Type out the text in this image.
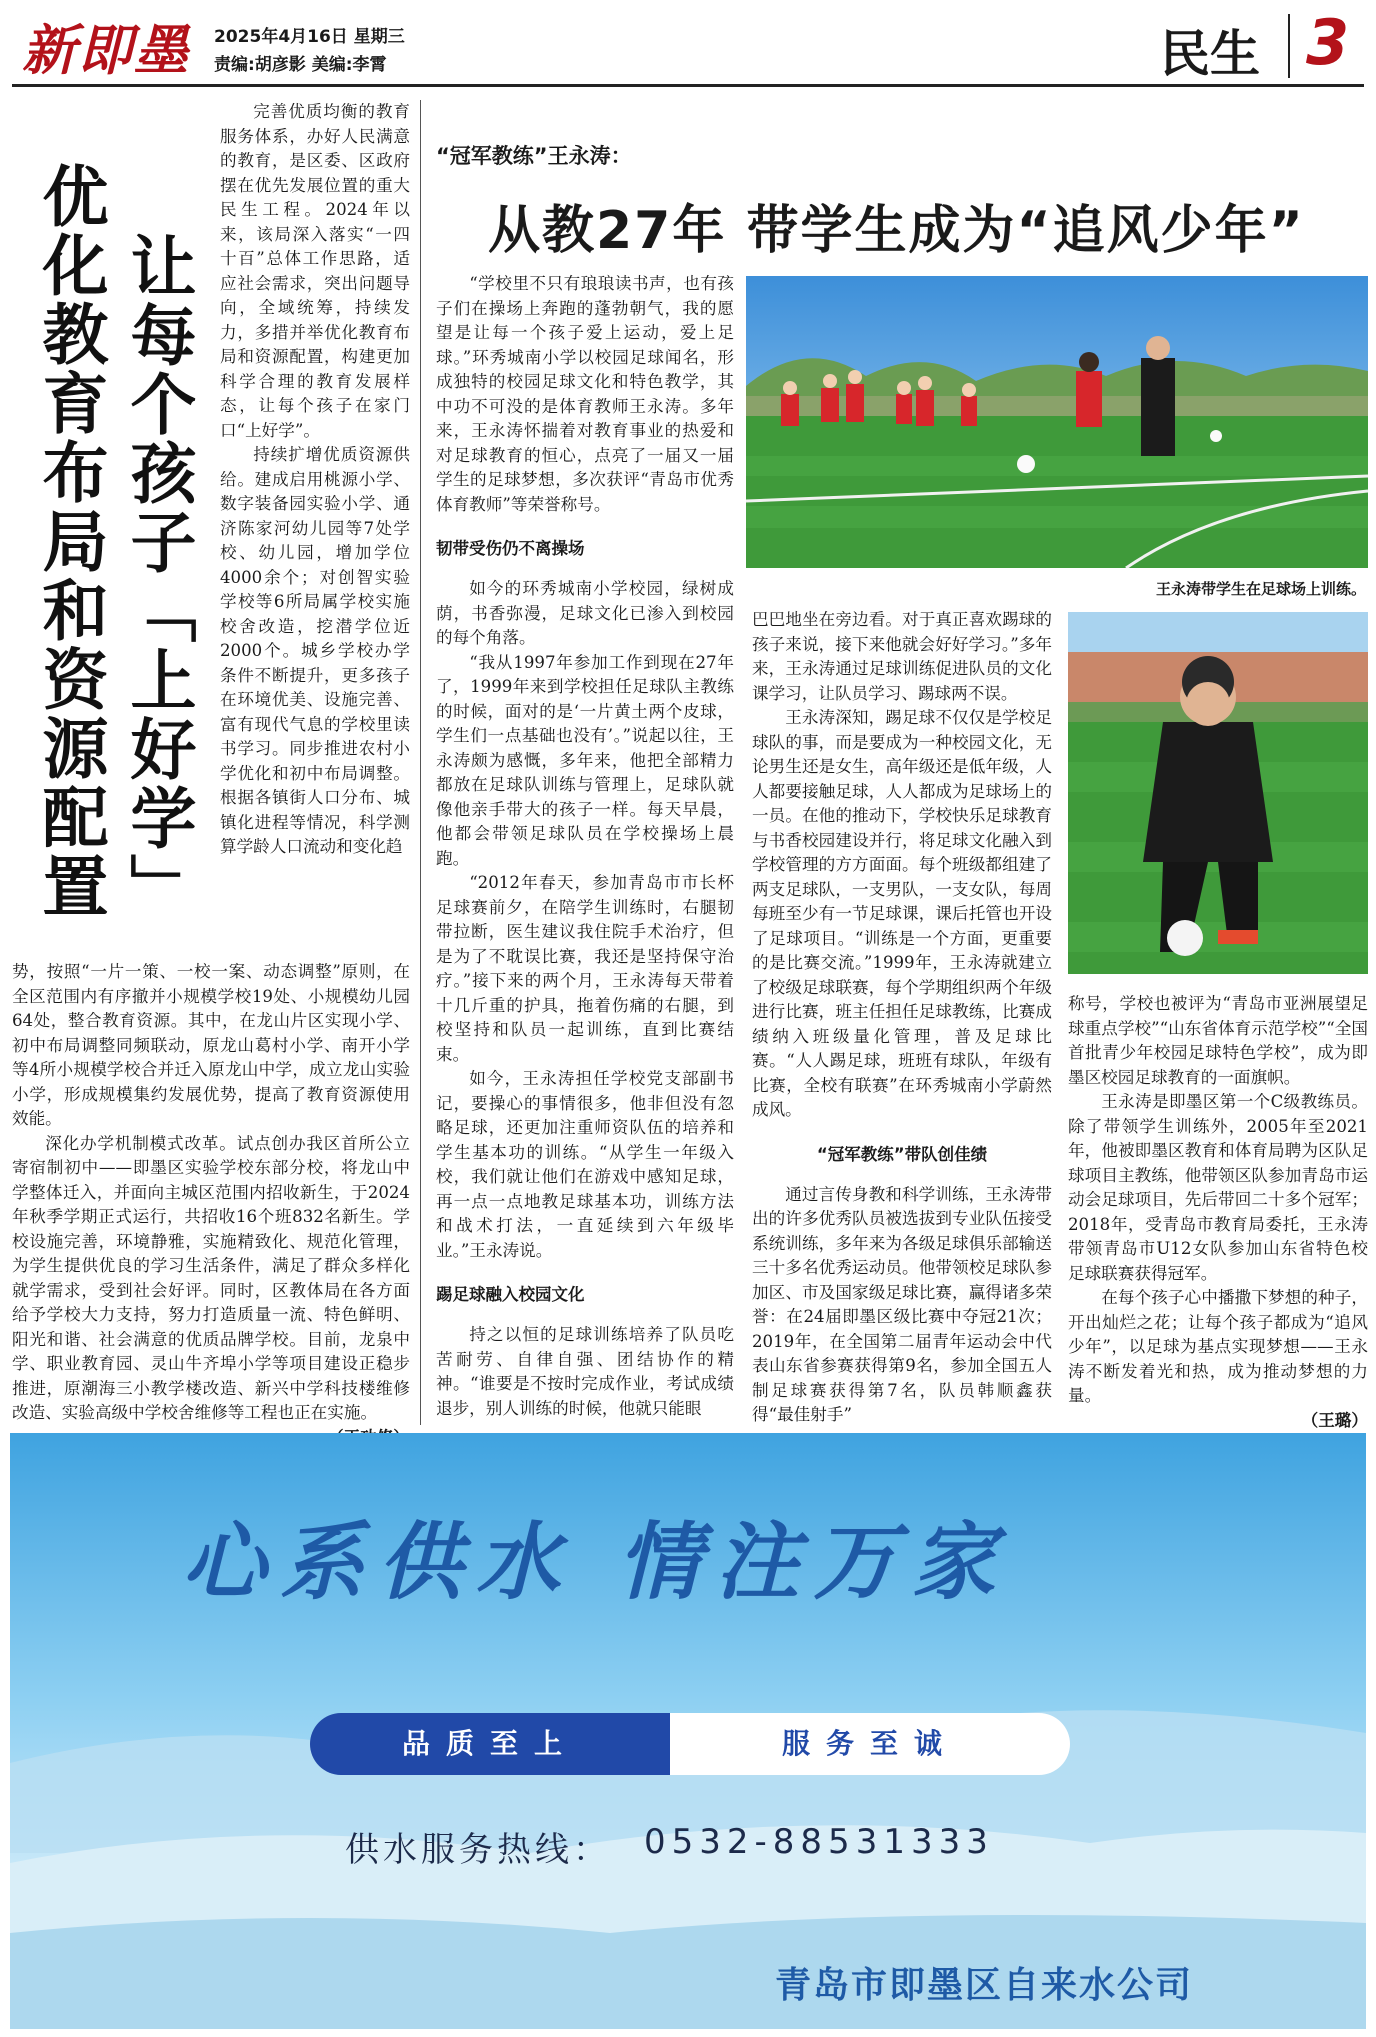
新即墨 2025年4月16日 星期三
责编:胡彦影 美编:李霄	民生 3
优化教育布局和资源配置 让每个孩子「上好学」

完善优质均衡的教育服务体系，办好人民满意的教育，是区委、区政府摆在优先发展位置的重大民生工程。2024年以来，该局深入落实“一四十百”总体工作思路，适应社会需求，突出问题导向，全域统筹，持续发力，多措并举优化教育布局和资源配置，构建更加科学合理的教育发展样态，让每个孩子在家门口“上好学”。

持续扩增优质资源供给。建成启用桃源小学、数字装备园实验小学、通济陈家河幼儿园等7处学校、幼儿园，增加学位4000余个；对创智实验学校等6所局属学校实施校舍改造，挖潜学位近2000个。城乡学校办学条件不断提升，更多孩子在环境优美、设施完善、富有现代气息的学校里读书学习。同步推进农村小学优化和初中布局调整。根据各镇街人口分布、城镇化进程等情况，科学测算学龄人口流动和变化趋

势，按照“一片一策、一校一案、动态调整”原则，在全区范围内有序撤并小规模学校19处、小规模幼儿园64处，整合教育资源。其中，在龙山片区实现小学、初中布局调整同频联动，原龙山葛村小学、南开小学等4所小规模学校合并迁入原龙山中学，成立龙山实验小学，形成规模集约发展优势，提高了教育资源使用效能。

深化办学机制模式改革。试点创办我区首所公立寄宿制初中——即墨区实验学校东部分校，将龙山中学整体迁入，并面向主城区范围内招收新生，于2024年秋季学期正式运行，共招收16个班832名新生。学校设施完善，环境静雅，实施精致化、规范化管理，为学生提供优良的学习生活条件，满足了群众多样化就学需求，受到社会好评。同时，区教体局在各方面给予学校大力支持，努力打造质量一流、特色鲜明、阳光和谐、社会满意的优质品牌学校。目前，龙泉中学、职业教育园、灵山牛齐埠小学等项目建设正稳步推进，原潮海三小教学楼改造、新兴中学科技楼维修改造、实验高级中学校舍维修等工程也正在实施。

“冠军教练”王永涛：
从教27年 带学生成为“追风少年”
王永涛带学生在足球场上训练。

“学校里不只有琅琅读书声，也有孩子们在操场上奔跑的蓬勃朝气，我的愿望是让每一个孩子爱上运动，爱上足球。”环秀城南小学以校园足球闻名，形成独特的校园足球文化和特色教学，其中功不可没的是体育教师王永涛。多年来，王永涛怀揣着对教育事业的热爱和对足球教育的恒心，点亮了一届又一届学生的足球梦想，多次获评“青岛市优秀体育教师”等荣誉称号。

韧带受伤仍不离操场

如今的环秀城南小学校园，绿树成荫，书香弥漫，足球文化已渗入到校园的每个角落。

“我从1997年参加工作到现在27年了，1999年来到学校担任足球队主教练的时候，面对的是‘一片黄土两个皮球，学生们一点基础也没有’。”说起以往，王永涛颇为感慨，多年来，他把全部精力都放在足球队训练与管理上，足球队就像他亲手带大的孩子一样。每天早晨，他都会带领足球队员在学校操场上晨跑。

“2012年春天，参加青岛市市长杯足球赛前夕，在陪学生训练时，右腿韧带拉断，医生建议我住院手术治疗，但是为了不耽误比赛，我还是坚持保守治疗。”接下来的两个月，王永涛每天带着十几斤重的护具，拖着伤痛的右腿，到校坚持和队员一起训练，直到比赛结束。

如今，王永涛担任学校党支部副书记，要操心的事情很多，他非但没有忽略足球，还更加注重师资队伍的培养和学生基本功的训练。“从学生一年级入校，我们就让他们在游戏中感知足球，再一点一点地教足球基本功，训练方法和战术打法，一直延续到六年级毕业。”王永涛说。

踢足球融入校园文化

持之以恒的足球训练培养了队员吃苦耐劳、自律自强、团结协作的精神。“谁要是不按时完成作业，考试成绩退步，别人训练的时候，他就只能眼

巴巴地坐在旁边看。对于真正喜欢踢球的孩子来说，接下来他就会好好学习。”多年来，王永涛通过足球训练促进队员的文化课学习，让队员学习、踢球两不误。

王永涛深知，踢足球不仅仅是学校足球队的事，而是要成为一种校园文化，无论男生还是女生，高年级还是低年级，人人都要接触足球，人人都成为足球场上的一员。在他的推动下，学校快乐足球教育与书香校园建设并行，将足球文化融入到学校管理的方方面面。每个班级都组建了两支足球队，一支男队，一支女队，每周每班至少有一节足球课，课后托管也开设了足球项目。“训练是一个方面，更重要的是比赛交流。”1999年，王永涛就建立了校级足球联赛，每个学期组织两个年级进行比赛，班主任担任足球教练，比赛成绩纳入班级量化管理，普及足球比赛。“人人踢足球，班班有球队，年级有比赛，全校有联赛”在环秀城南小学蔚然成风。

“冠军教练”带队创佳绩

通过言传身教和科学训练，王永涛带出的许多优秀队员被选拔到专业队伍接受系统训练，多年来为各级足球俱乐部输送三十多名优秀运动员。他带领校足球队参加区、市及国家级足球比赛，赢得诸多荣誉：在24届即墨区级比赛中夺冠21次；2019年，在全国第二届青年运动会中代表山东省参赛获得第9名，参加全国五人制足球赛获得第7名，队员韩顺鑫获得“最佳射手”

称号，学校也被评为“青岛市亚洲展望足球重点学校”“山东省体育示范学校”“全国首批青少年校园足球特色学校”，成为即墨区校园足球教育的一面旗帜。

王永涛是即墨区第一个C级教练员。除了带领学生训练外，2005年至2021年，他被即墨区教育和体育局聘为区队足球项目主教练，他带领区队参加青岛市运动会足球项目，先后带回二十多个冠军；2018年，受青岛市教育局委托，王永涛带领青岛市U12女队参加山东省特色校足球联赛获得冠军。

在每个孩子心中播撒下梦想的种子，开出灿烂之花；让每个孩子都成为“追风少年”，以足球为基点实现梦想——王永涛不断发着光和热，成为推动梦想的力量。

（王璐）
心系供水 情注万家
品质至上	服务至诚
供水服务热线： 0532-88531333
青岛市即墨区自来水公司
